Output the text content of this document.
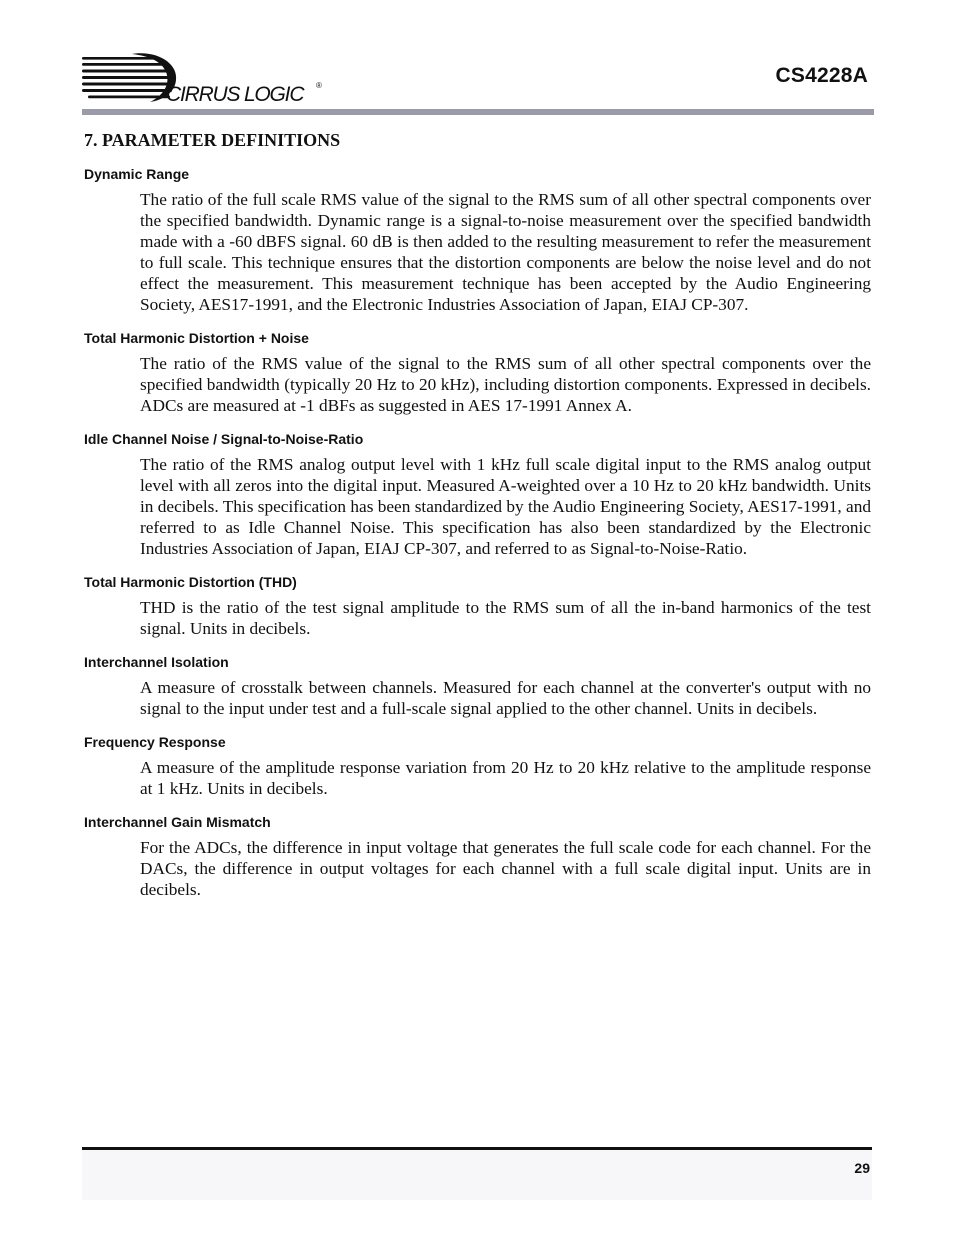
CIRRUS LOGIC ®	CS4228A
7. PARAMETER DEFINITIONS
Dynamic Range

The ratio of the full scale RMS value of the signal to the RMS sum of all other spectral components over the specified bandwidth. Dynamic range is a signal-to-noise measurement over the specified bandwidth made with a -60 dBFS signal. 60 dB is then added to the resulting measurement to refer the measurement to full scale. This technique ensures that the distortion components are below the noise level and do not effect the measurement. This measurement technique has been accepted by the Audio Engineering Society, AES17-1991, and the Electronic Industries Association of Japan, EIAJ CP-307.

Total Harmonic Distortion + Noise

The ratio of the RMS value of the signal to the RMS sum of all other spectral components over the specified bandwidth (typically 20 Hz to 20 kHz), including distortion components. Expressed in decibels. ADCs are measured at -1 dBFs as suggested in AES 17-1991 Annex A.

Idle Channel Noise / Signal-to-Noise-Ratio

The ratio of the RMS analog output level with 1 kHz full scale digital input to the RMS analog output level with all zeros into the digital input. Measured A-weighted over a 10 Hz to 20 kHz bandwidth. Units in decibels. This specification has been standardized by the Audio Engineering Society, AES17-1991, and referred to as Idle Channel Noise. This specification has also been standardized by the Electronic Industries Association of Japan, EIAJ CP-307, and referred to as Signal-to-Noise-Ratio.

Total Harmonic Distortion (THD)

THD is the ratio of the test signal amplitude to the RMS sum of all the in-band harmonics of the test signal. Units in decibels.

Interchannel Isolation

A measure of crosstalk between channels. Measured for each channel at the converter's output with no signal to the input under test and a full-scale signal applied to the other channel. Units in decibels.

Frequency Response

A measure of the amplitude response variation from 20 Hz to 20 kHz relative to the amplitude response at 1 kHz. Units in decibels.

Interchannel Gain Mismatch

For the ADCs, the difference in input voltage that generates the full scale code for each channel. For the DACs, the difference in output voltages for each channel with a full scale digital input. Units are in decibels.

29
